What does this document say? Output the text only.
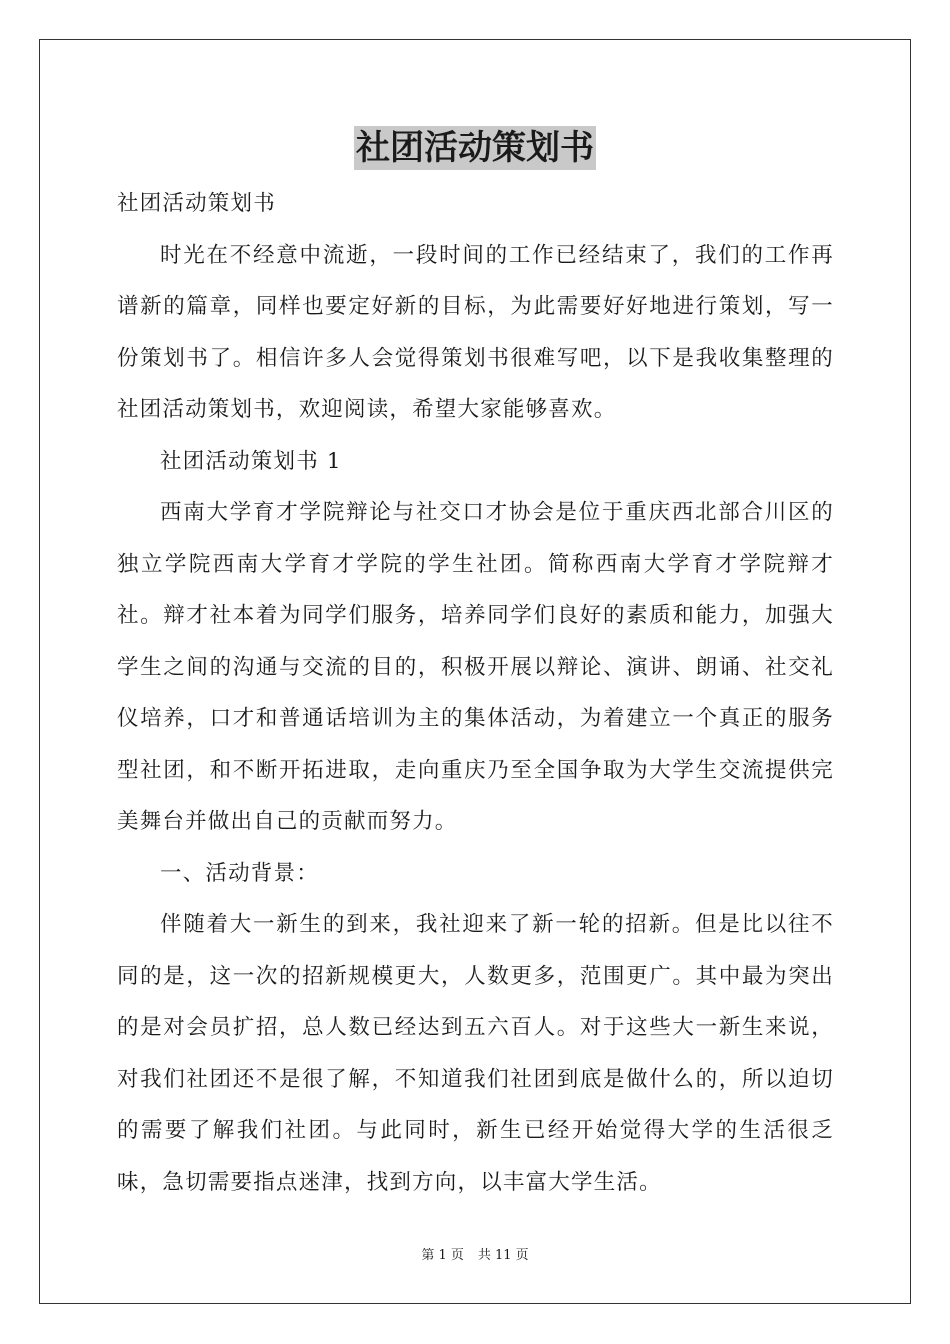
社团活动策划书

社团活动策划书

时光在不经意中流逝，一段时间的工作已经结束了，我们的工作再谱新的篇章，同样也要定好新的目标，为此需要好好地进行策划，写一份策划书了。相信许多人会觉得策划书很难写吧，以下是我收集整理的社团活动策划书，欢迎阅读，希望大家能够喜欢。

社团活动策划书 1

西南大学育才学院辩论与社交口才协会是位于重庆西北部合川区的独立学院西南大学育才学院的学生社团。简称西南大学育才学院辩才社。辩才社本着为同学们服务，培养同学们良好的素质和能力，加强大学生之间的沟通与交流的目的，积极开展以辩论、演讲、朗诵、社交礼仪培养，口才和普通话培训为主的集体活动，为着建立一个真正的服务型社团，和不断开拓进取，走向重庆乃至全国争取为大学生交流提供完美舞台并做出自己的贡献而努力。

一、活动背景：

伴随着大一新生的到来，我社迎来了新一轮的招新。但是比以往不同的是，这一次的招新规模更大，人数更多，范围更广。其中最为突出的是对会员扩招，总人数已经达到五六百人。对于这些大一新生来说，对我们社团还不是很了解，不知道我们社团到底是做什么的，所以迫切的需要了解我们社团。与此同时，新生已经开始觉得大学的生活很乏味，急切需要指点迷津，找到方向，以丰富大学生活。

第 1 页 共 11 页
